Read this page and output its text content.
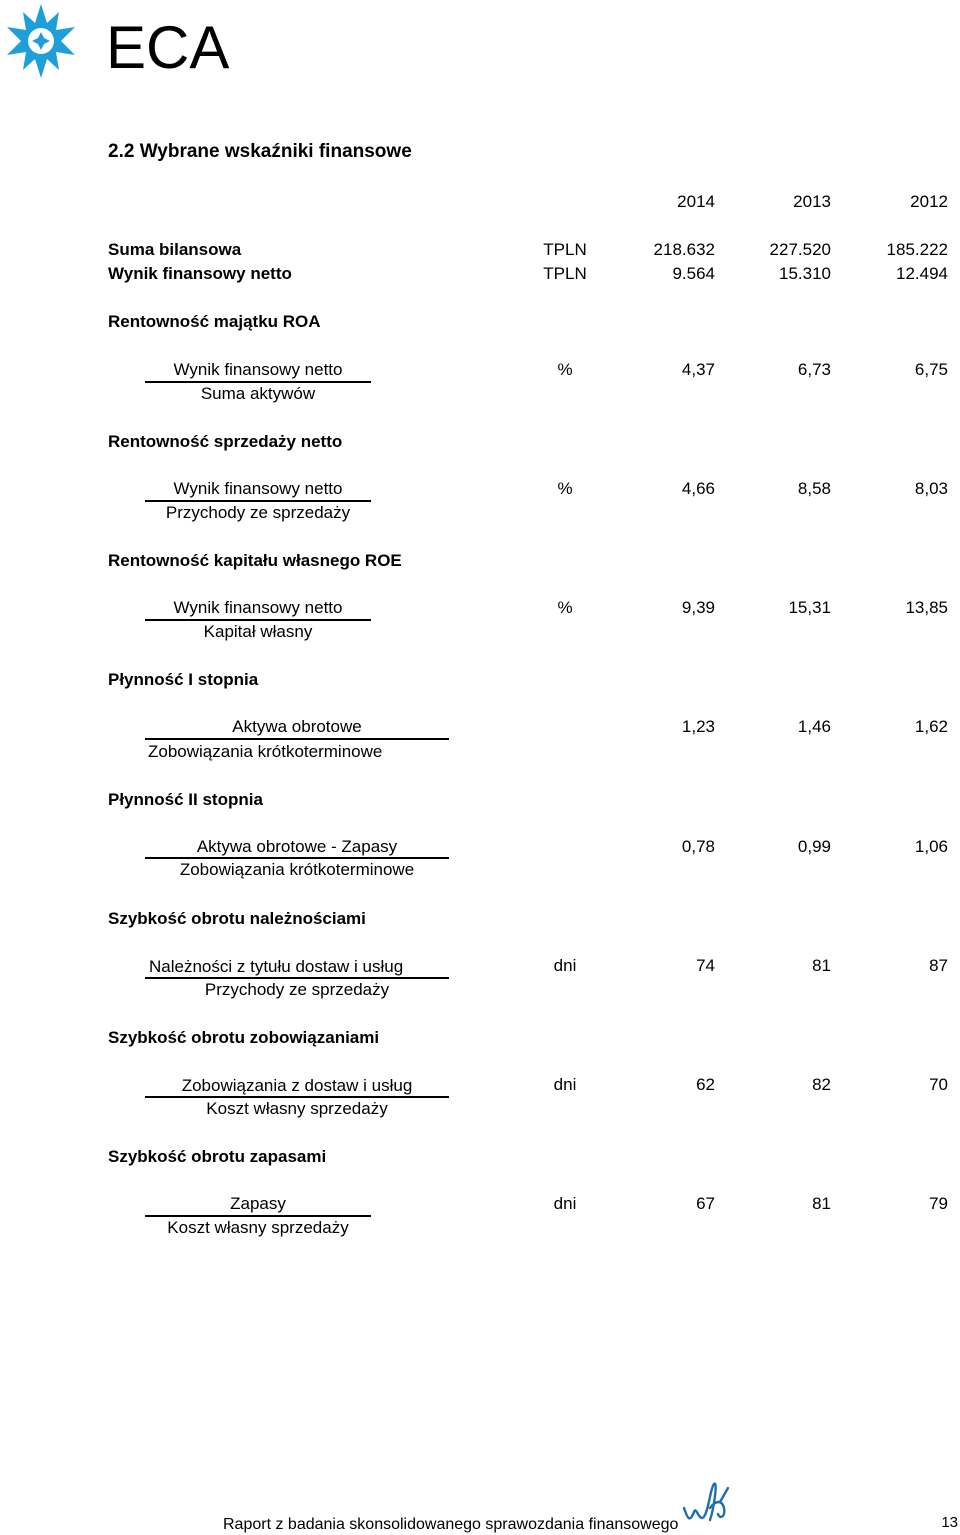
ECA
2.2 Wybrane wskaźniki finansowe
2014	2013	2012
Suma bilansowa	TPLN	218.632	227.520	185.222
Wynik finansowy netto	TPLN	9.564	15.310	12.494
Rentowność majątku ROA
Wynik finansowy netto
Suma aktywów
%	4,37	6,73	6,75
Rentowność sprzedaży netto
Wynik finansowy netto
Przychody ze sprzedaży
%	4,66	8,58	8,03
Rentowność kapitału własnego ROE
Wynik finansowy netto
Kapitał własny
%	9,39	15,31	13,85
Płynność I stopnia
Aktywa obrotowe
Zobowiązania krótkoterminowe
1,23	1,46	1,62
Płynność II stopnia
Aktywa obrotowe - Zapasy
Zobowiązania krótkoterminowe
0,78	0,99	1,06
Szybkość obrotu należnościami
Należności z tytułu dostaw i usług
Przychody ze sprzedaży
dni	74	81	87
Szybkość obrotu zobowiązaniami
Zobowiązania z dostaw i usług
Koszt własny sprzedaży
dni	62	82	70
Szybkość obrotu zapasami
Zapasy
Koszt własny sprzedaży
dni	67	81	79
Raport z badania skonsolidowanego sprawozdania finansowego	13
